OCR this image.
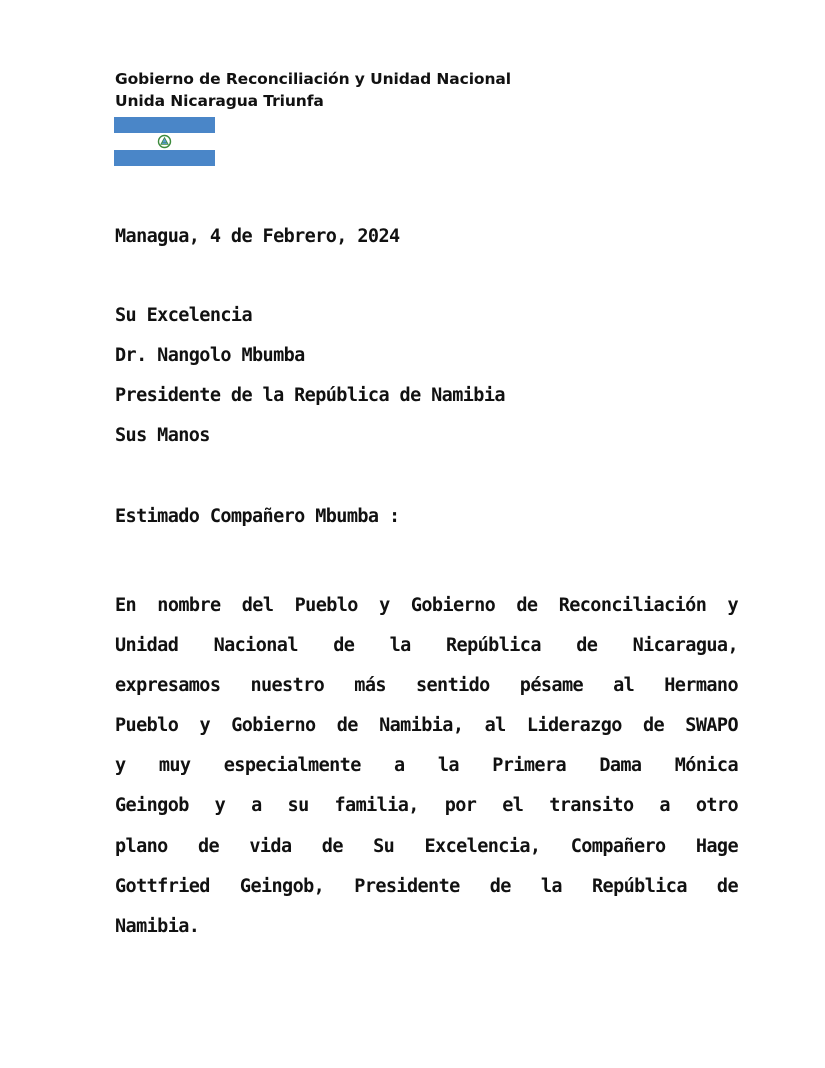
Gobierno de Reconciliación y Unidad Nacional
Unida Nicaragua Triunfa
Managua, 4 de Febrero, 2024
Su Excelencia
Dr. Nangolo Mbumba
Presidente de la República de Namibia
Sus Manos
Estimado Compañero Mbumba :
En nombre del Pueblo y Gobierno de Reconciliación y
Unidad Nacional de la República de Nicaragua,
expresamos nuestro más sentido pésame al Hermano
Pueblo y Gobierno de Namibia, al Liderazgo de SWAPO
y muy especialmente a la Primera Dama Mónica
Geingob y a su familia, por el transito a otro
plano de vida de Su Excelencia, Compañero Hage
Gottfried Geingob, Presidente de la República de
Namibia.
